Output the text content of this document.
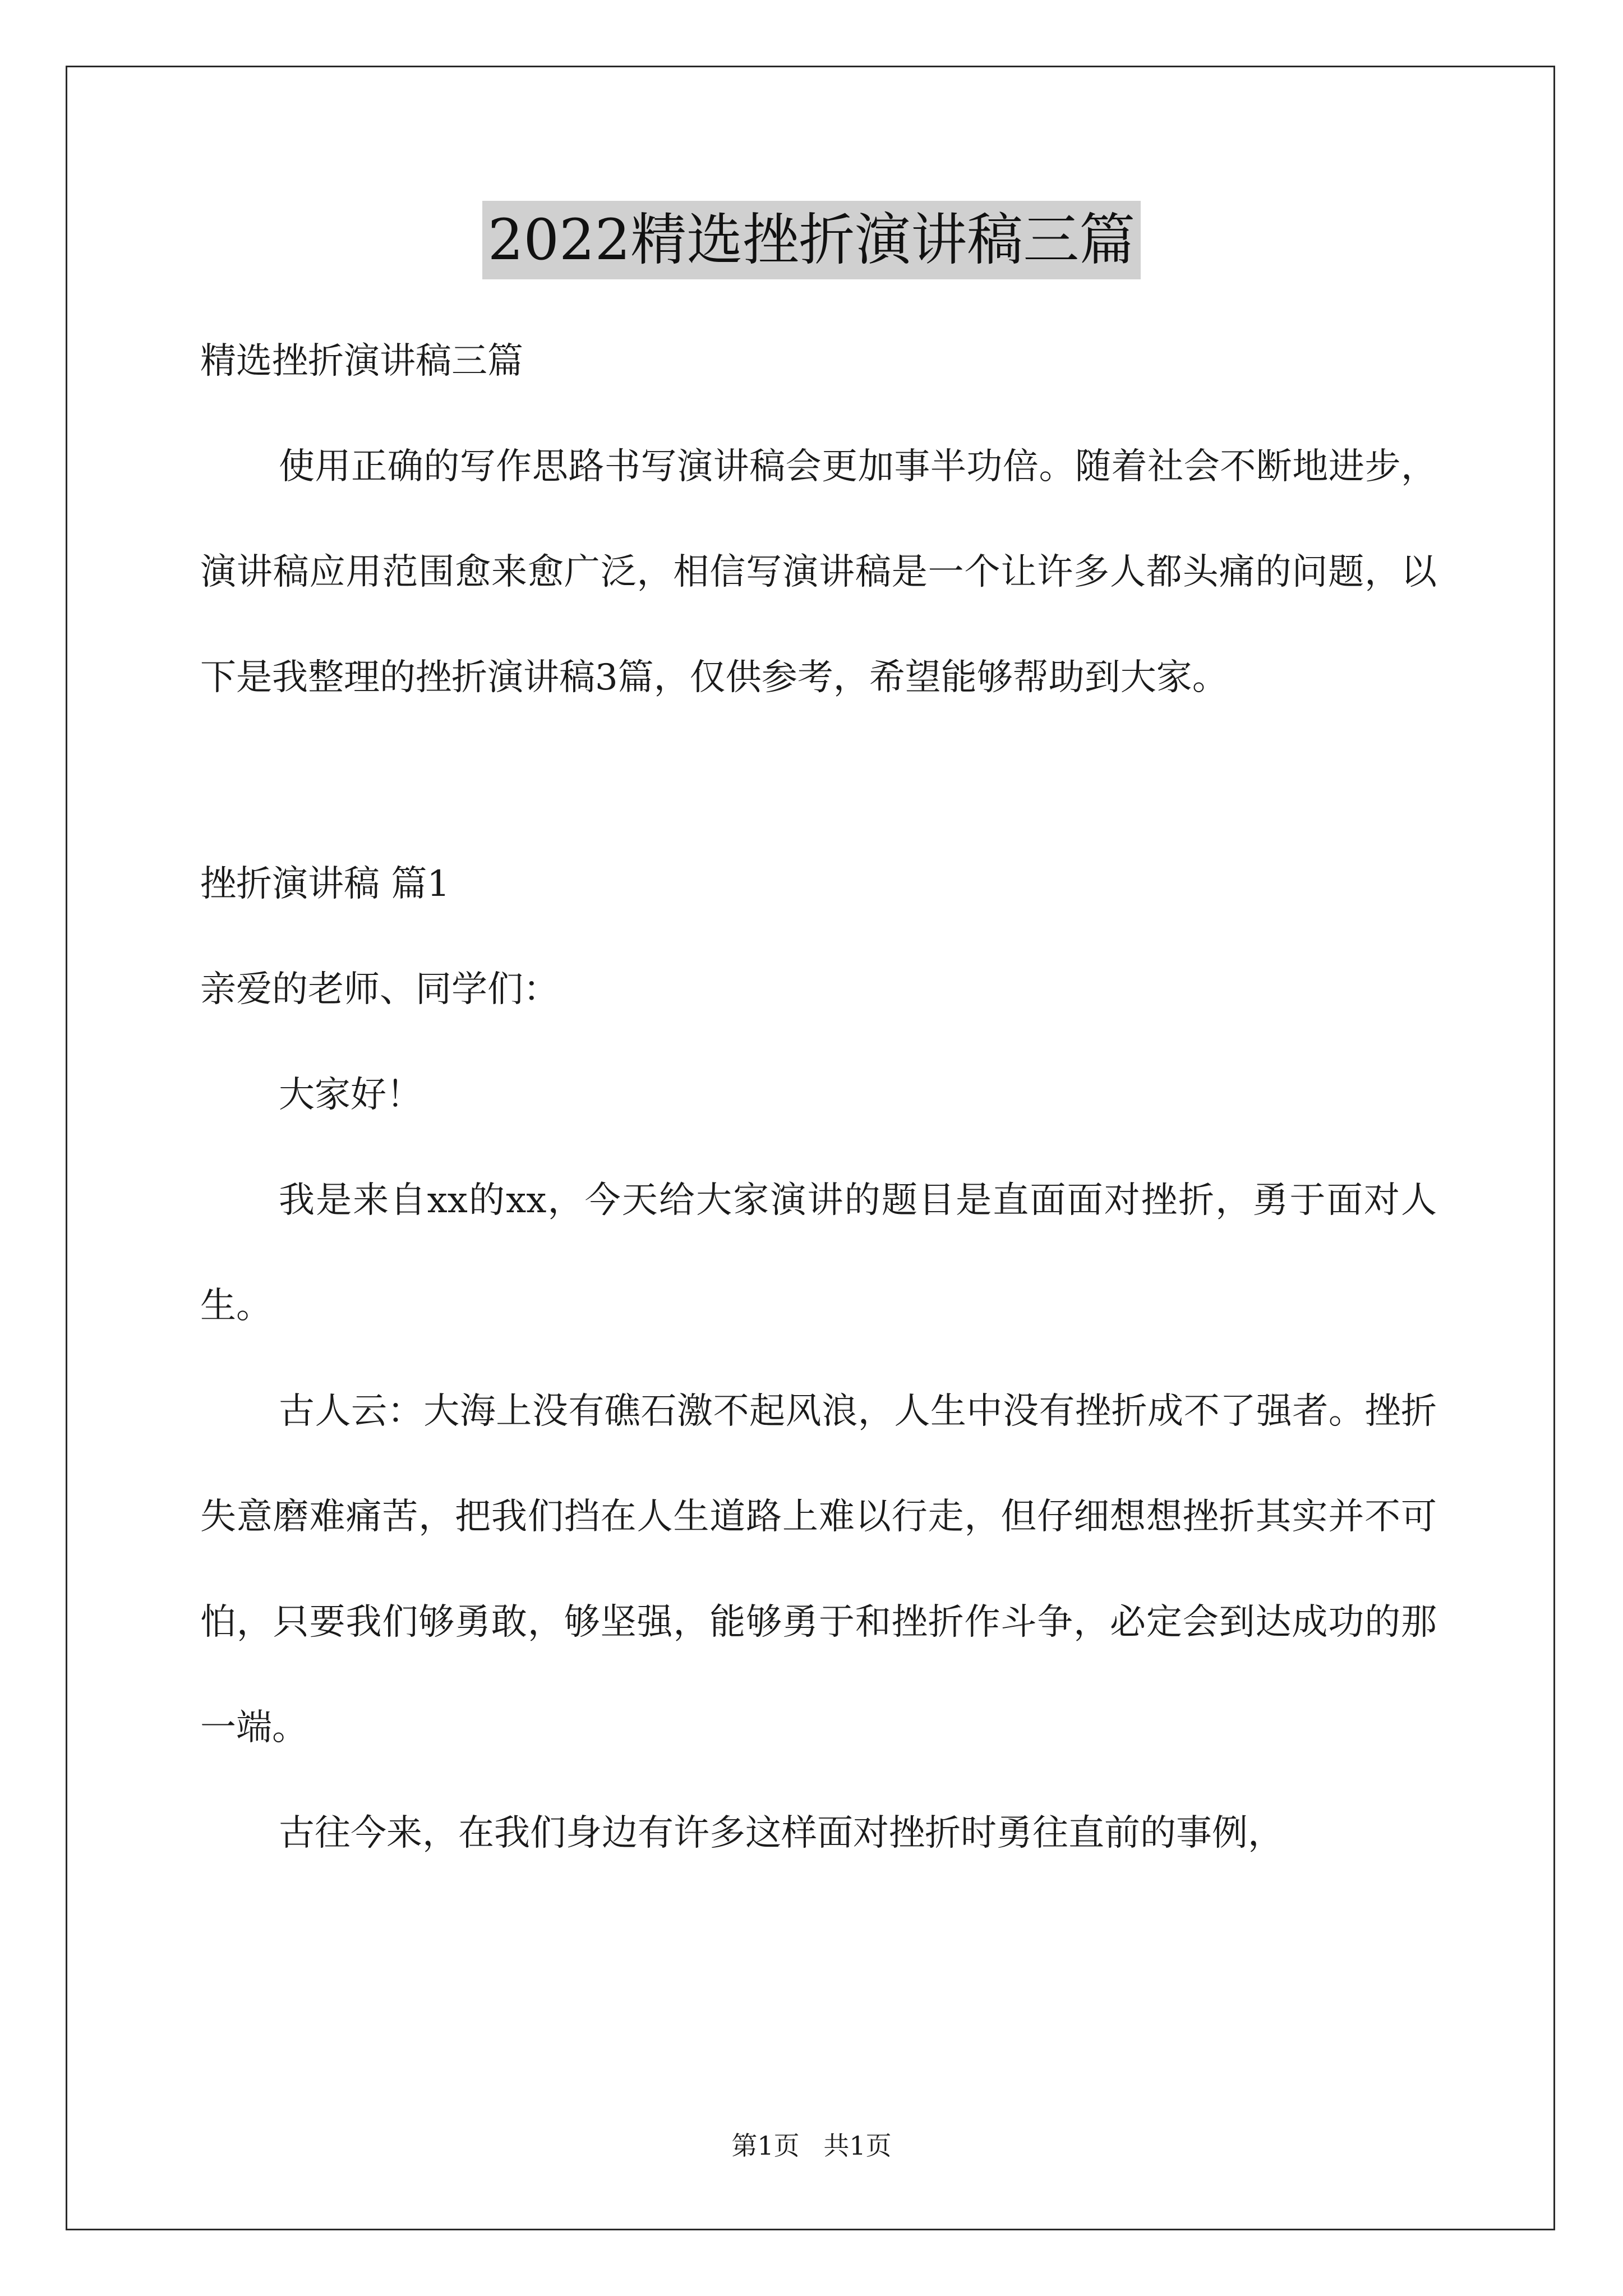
2022精选挫折演讲稿三篇

精选挫折演讲稿三篇

使用正确的写作思路书写演讲稿会更加事半功倍。随着社会不断地进步，演讲稿应用范围愈来愈广泛，相信写演讲稿是一个让许多人都头痛的问题，以下是我整理的挫折演讲稿3篇，仅供参考，希望能够帮助到大家。

挫折演讲稿 篇1

亲爱的老师、同学们：

大家好！

我是来自xx的xx，今天给大家演讲的题目是直面面对挫折，勇于面对人生。

古人云：大海上没有礁石激不起风浪，人生中没有挫折成不了强者。挫折失意磨难痛苦，把我们挡在人生道路上难以行走，但仔细想想挫折其实并不可怕，只要我们够勇敢，够坚强，能够勇于和挫折作斗争，必定会到达成功的那一端。

古往今来，在我们身边有许多这样面对挫折时勇往直前的事例，

第1页 共1页
